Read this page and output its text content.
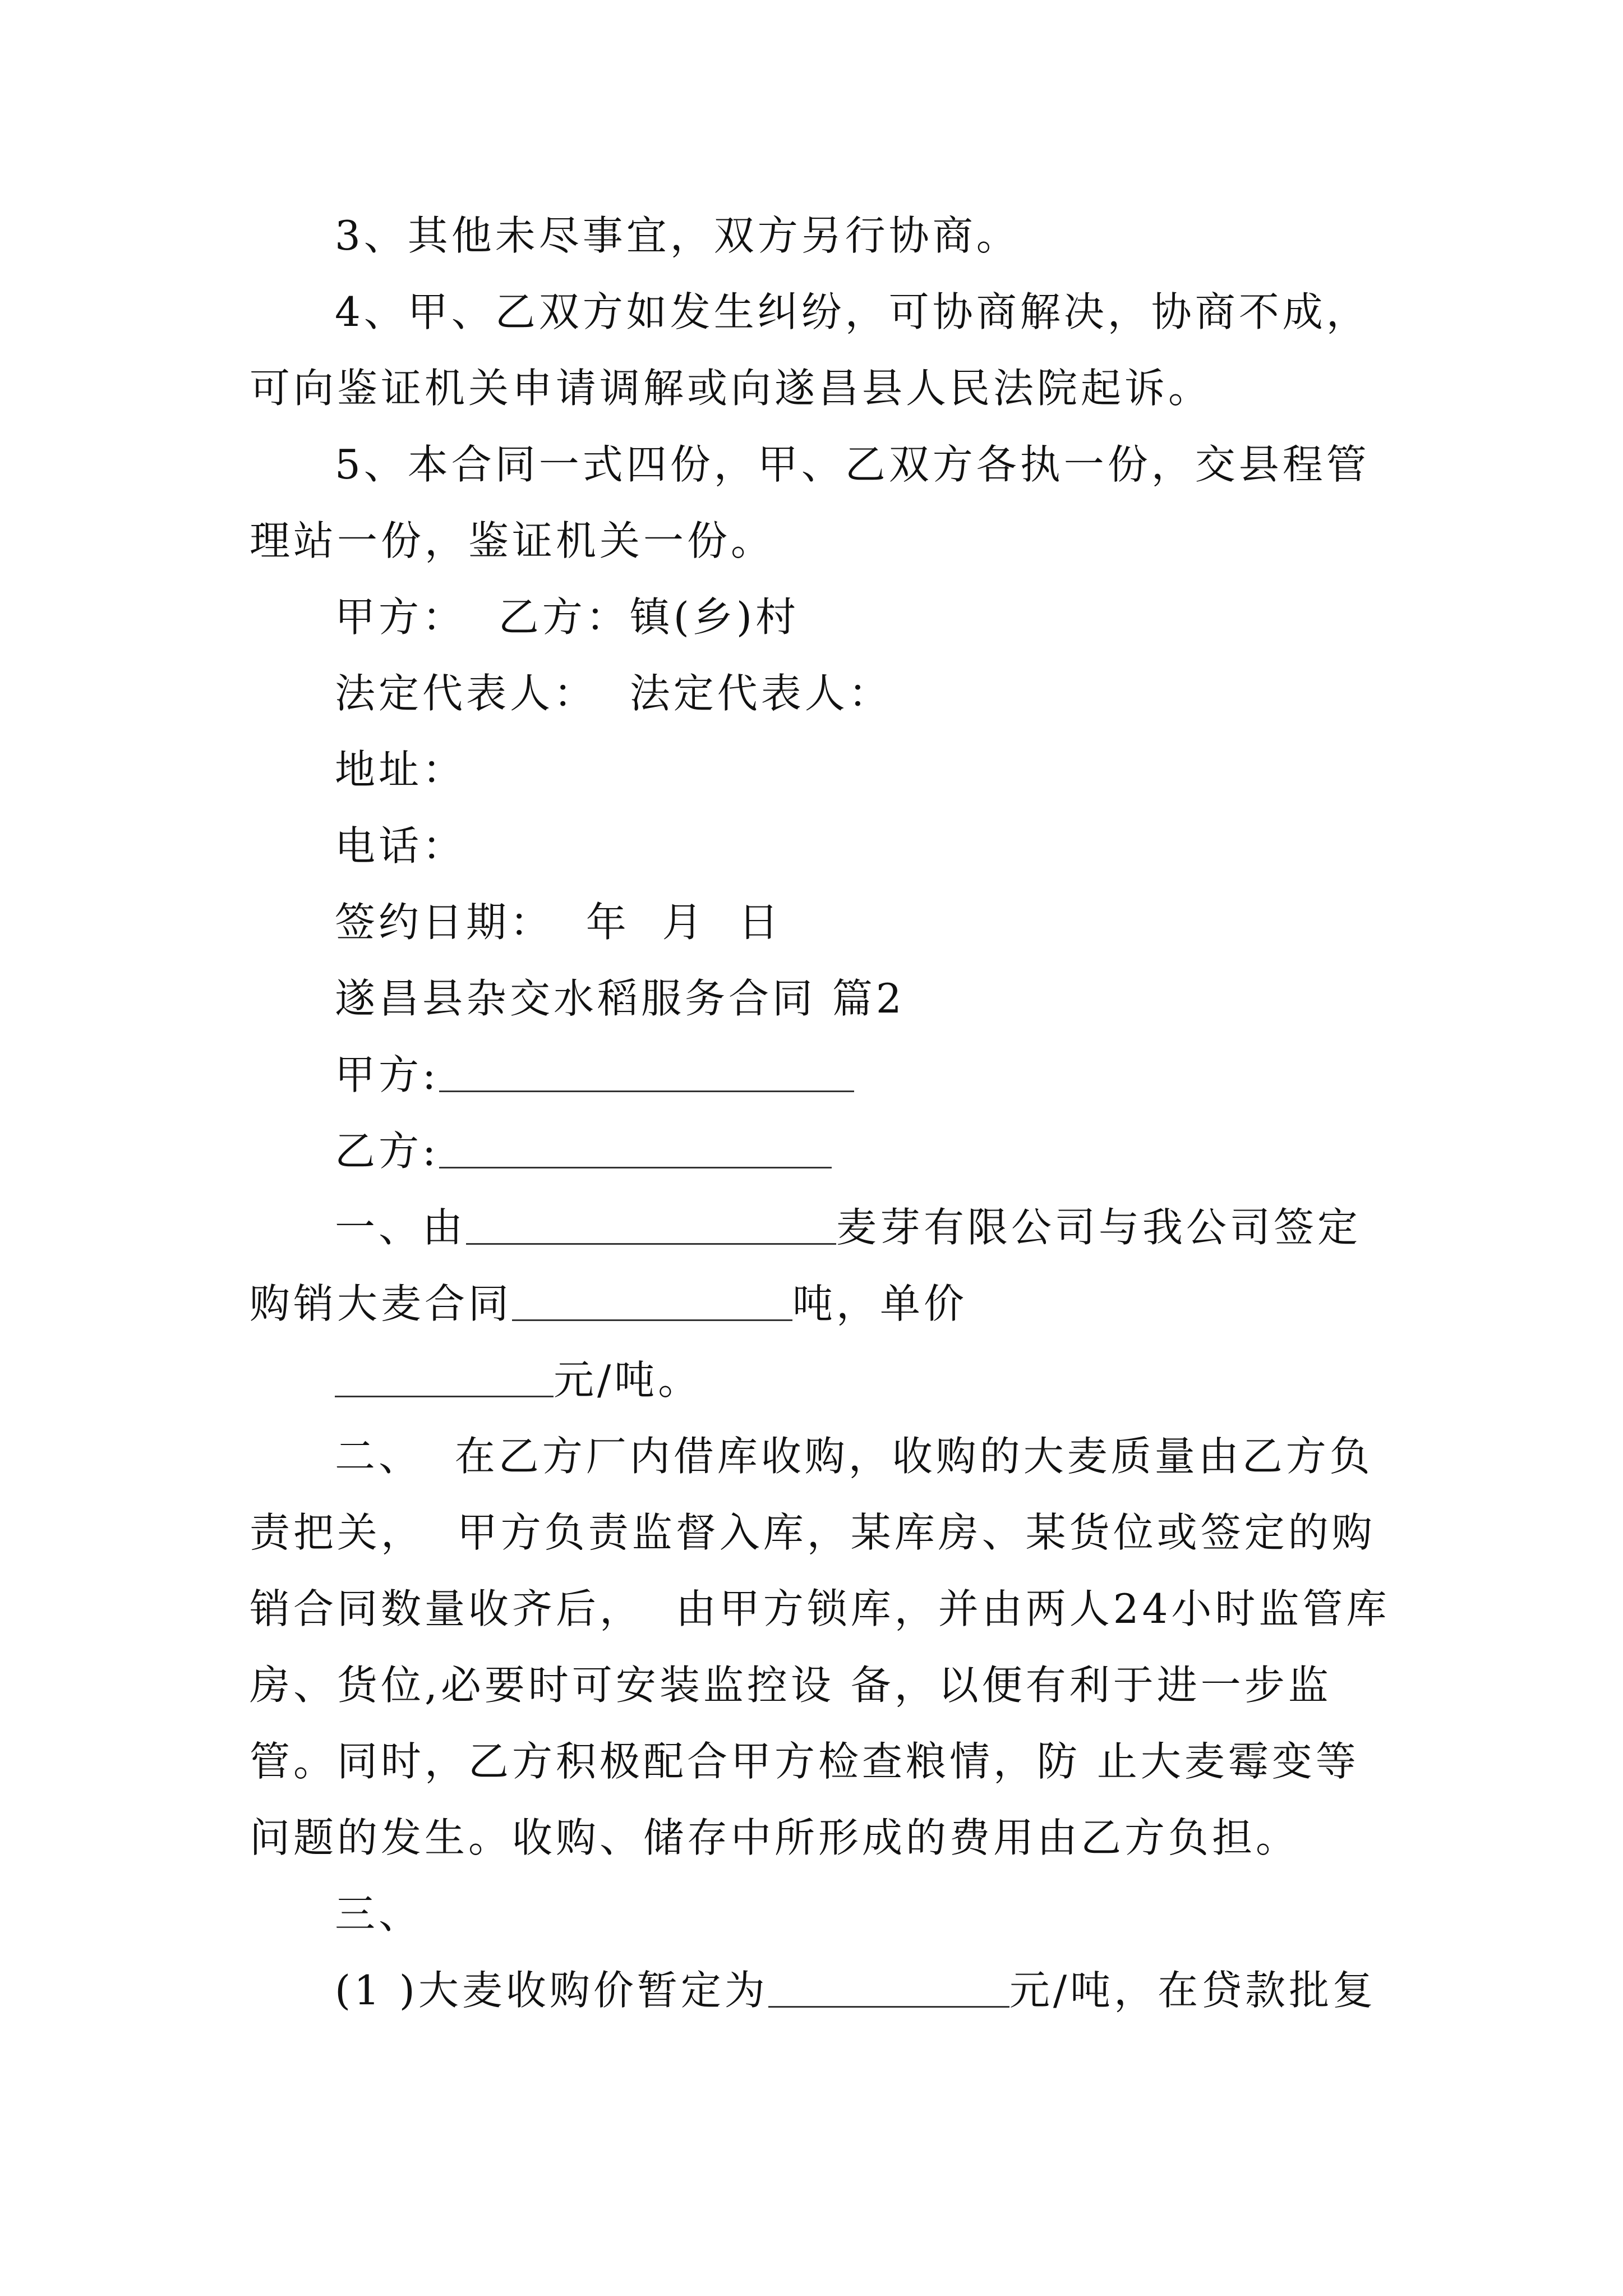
3、其他未尽事宜，双方另行协商。

4、甲、乙双方如发生纠纷，可协商解决，协商不成，可向鉴证机关申请调解或向遂昌县人民法院起诉。

5、本合同一式四份，甲、乙双方各执一份，交县程管理站一份，鉴证机关一份。

甲方：  乙方：镇(乡)村

法定代表人：  法定代表人：

地址：

电话：

签约日期：  年  月  日

遂昌县杂交水稻服务合同 篇2

甲方:

乙方:

一、由	麦芽有限公司与我公司签定购销大麦合同	吨，单价

元/吨。

二、  在乙方厂内借库收购，收购的大麦质量由乙方负责把关，  甲方负责监督入库，某库房、某货位或签定的购销合同数量收齐后，  由甲方锁库，并由两人24小时监管库房、货位,必要时可安装监控设 备，以便有利于进一步监管。同时，乙方积极配合甲方检查粮情，防 止大麦霉变等问题的发生。收购、储存中所形成的费用由乙方负担。

三、

(1 )大麦收购价暂定为	元/吨，在贷款批复
